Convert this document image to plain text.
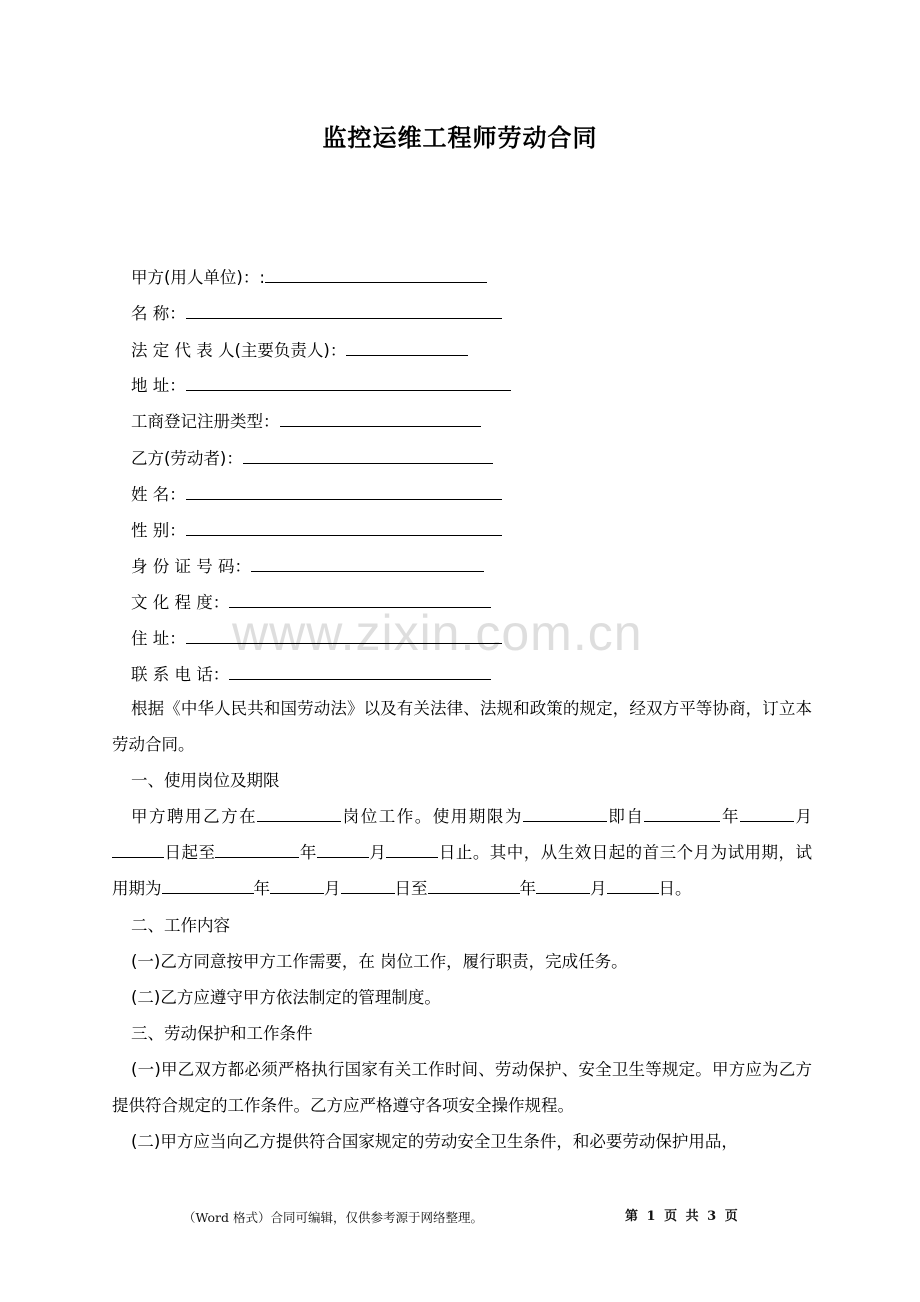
监控运维工程师劳动合同
甲方(用人单位)：:
名 称：
法 定 代 表 人(主要负责人)：
地 址：
工商登记注册类型：
乙方(劳动者)：
姓 名：
性 别：
身 份 证 号 码：
文 化 程 度：
住 址：
联 系 电 话：
根据《中华人民共和国劳动法》以及有关法律、法规和政策的规定，经双方平等协商，订立本劳动合同。
一、使用岗位及期限
甲方聘用乙方在	岗位工作。使用期限为	即自	年	月日起至	年	月	日止。其中，从生效日起的首三个月为试用期，试用期为	年	月	日至	年	月	日。
二、工作内容
(一)乙方同意按甲方工作需要，在 岗位工作，履行职责，完成任务。
(二)乙方应遵守甲方依法制定的管理制度。
三、劳动保护和工作条件
(一)甲乙双方都必须严格执行国家有关工作时间、劳动保护、安全卫生等规定。甲方应为乙方提供符合规定的工作条件。乙方应严格遵守各项安全操作规程。
(二)甲方应当向乙方提供符合国家规定的劳动安全卫生条件，和必要劳动保护用品，
www.zixin.com.cn
（Word 格式）合同可编辑，仅供参考源于网络整理。	第 1 页 共 3 页
